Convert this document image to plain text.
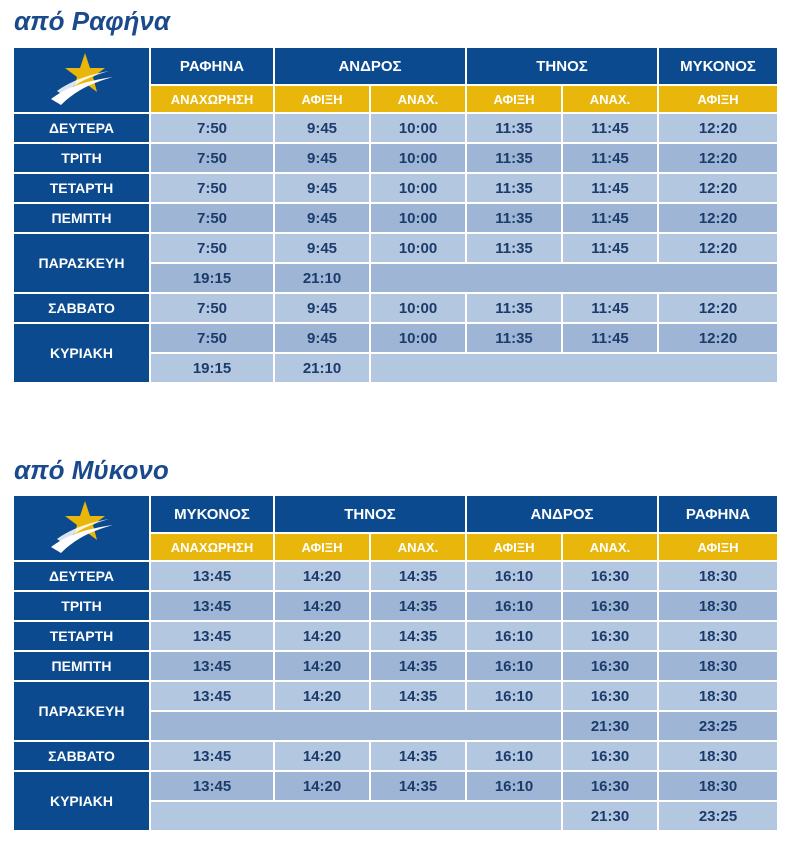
από Ραφήνα
	ΡΑΦΗΝΑ	ΑΝΔΡΟΣ		ΤΗΝΟΣ		ΜΥΚΟΝΟΣ
	ΑΝΑΧΩΡΗΣΗ	ΑΦΙΞΗ	ΑΝΑΧ.	ΑΦΙΞΗ	ΑΝΑΧ.	ΑΦΙΞΗ
ΔΕΥΤΕΡΑ	7:50	9:45	10:00	11:35	11:45	12:20
ΤΡΙΤΗ	7:50	9:45	10:00	11:35	11:45	12:20
ΤΕΤΑΡΤΗ	7:50	9:45	10:00	11:35	11:45	12:20
ΠΕΜΠΤΗ	7:50	9:45	10:00	11:35	11:45	12:20
ΠΑΡΑΣΚΕΥΗ	7:50	9:45	10:00	11:35	11:45	12:20
	19:15	21:10				
ΣΑΒΒΑΤΟ	7:50	9:45	10:00	11:35	11:45	12:20
ΚΥΡΙΑΚΗ	7:50	9:45	10:00	11:35	11:45	12:20
	19:15	21:10				
από Μύκονο
	ΜΥΚΟΝΟΣ	ΤΗΝΟΣ		ΑΝΔΡΟΣ		ΡΑΦΗΝΑ
	ΑΝΑΧΩΡΗΣΗ	ΑΦΙΞΗ	ΑΝΑΧ.	ΑΦΙΞΗ	ΑΝΑΧ.	ΑΦΙΞΗ
ΔΕΥΤΕΡΑ	13:45	14:20	14:35	16:10	16:30	18:30
ΤΡΙΤΗ	13:45	14:20	14:35	16:10	16:30	18:30
ΤΕΤΑΡΤΗ	13:45	14:20	14:35	16:10	16:30	18:30
ΠΕΜΠΤΗ	13:45	14:20	14:35	16:10	16:30	18:30
ΠΑΡΑΣΚΕΥΗ	13:45	14:20	14:35	16:10	16:30	18:30
					21:30	23:25
ΣΑΒΒΑΤΟ	13:45	14:20	14:35	16:10	16:30	18:30
ΚΥΡΙΑΚΗ	13:45	14:20	14:35	16:10	16:30	18:30
					21:30	23:25
